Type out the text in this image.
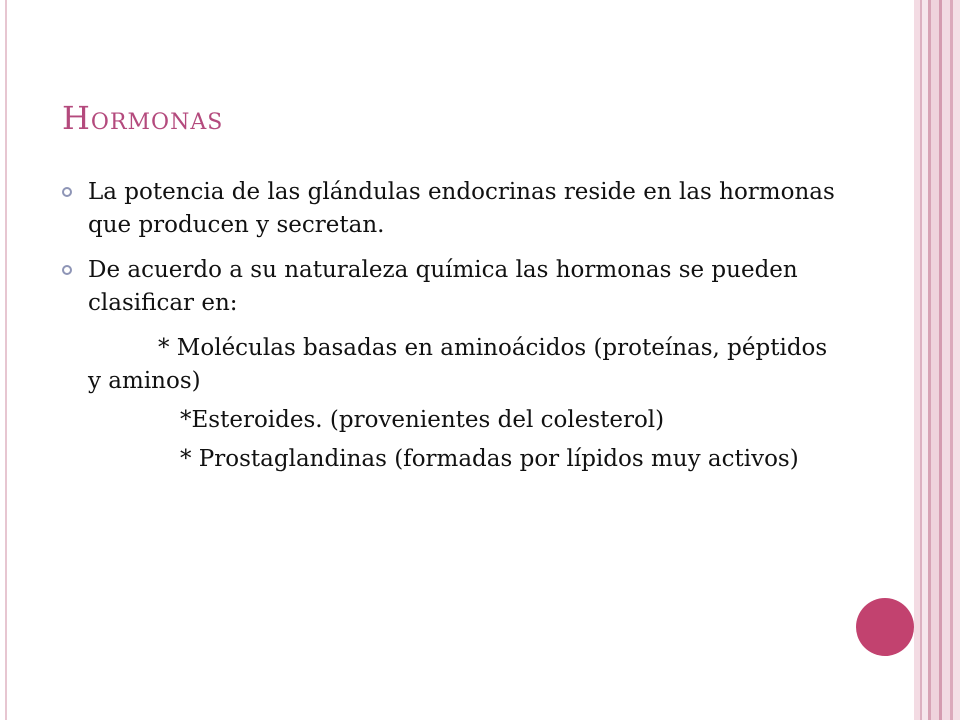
Hormonas
La potencia de las glándulas endocrinas reside en las hormonas que producen y secretan.
De acuerdo a su naturaleza química las hormonas se pueden clasificar en:
* Moléculas basadas en aminoácidos (proteínas, péptidos y aminos)
*Esteroides. (provenientes del colesterol)
* Prostaglandinas (formadas por lípidos muy activos)
